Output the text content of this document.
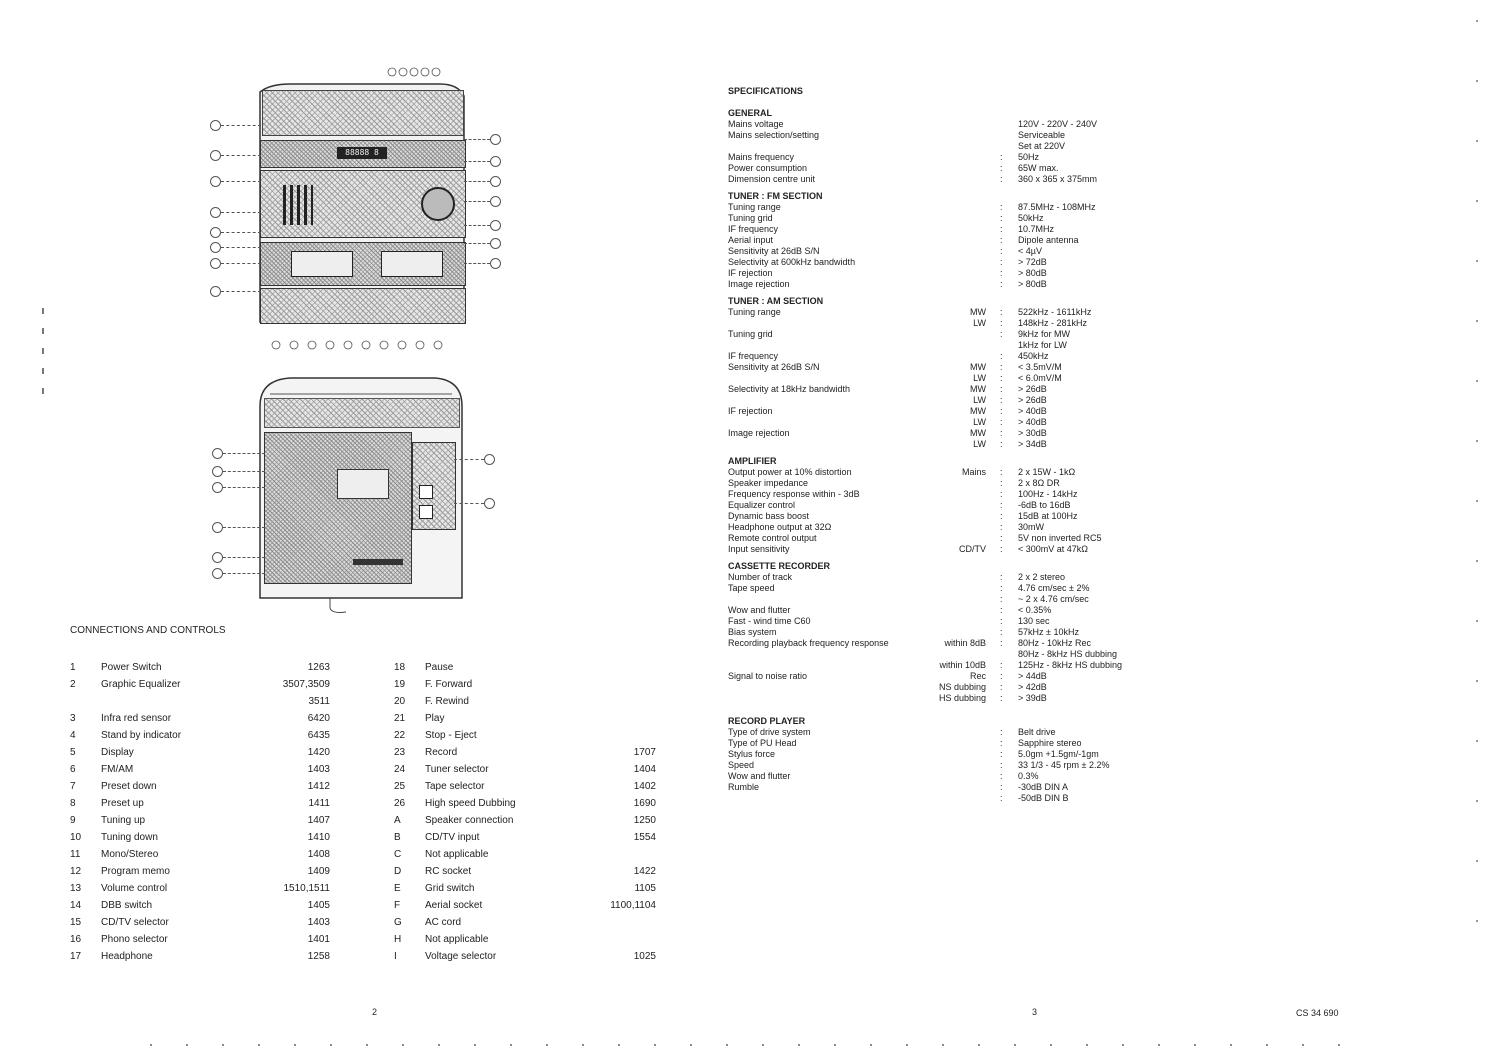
88888 8
CONNECTIONS AND CONTROLS
1	Power Switch	1263
2	Graphic Equalizer	3507,3509
3511
3	Infra red sensor	6420
4	Stand by indicator	6435
5	Display	1420
6	FM/AM	1403
7	Preset down	1412
8	Preset up	1411
9	Tuning up	1407
10 Tuning down	1410
11 Mono/Stereo	1408
12 Program memo	1409
13 Volume control	1510,1511
14 DBB switch	1405
15 CD/TV selector	1403
16 Phono selector	1401
17 Headphone	1258
18 Pause
19 F. Forward
20 F. Rewind
21 Play
22 Stop - Eject
23 Record	1707
24 Tuner selector	1404
25 Tape selector	1402
26 High speed Dubbing	1690
A Speaker connection	1250
B CD/TV input	1554
C Not applicable
D RC socket	1422
E Grid switch	1105
F Aerial socket	1100,1104
G AC cord
H Not applicable
I	Voltage selector	1025
SPECIFICATIONS
GENERAL
Mains voltage	120V - 220V - 240V
Mains selection/setting	Serviceable
Set at 220V
Mains frequency	: 50Hz
Power consumption	: 65W max.
Dimension centre unit	: 360 x 365 x 375mm
TUNER : FM SECTION
Tuning range	: 87.5MHz - 108MHz
Tuning grid	: 50kHz
IF frequency	: 10.7MHz
Aerial input	: Dipole antenna
Sensitivity at 26dB S/N	: < 4µV
Selectivity at 600kHz bandwidth	: > 72dB
IF rejection	: > 80dB
Image rejection	: > 80dB
TUNER : AM SECTION
Tuning range	MW : 522kHz - 1611kHz
LW : 148kHz - 281kHz
Tuning grid	: 9kHz for MW
1kHz for LW
IF frequency	: 450kHz
Sensitivity at 26dB S/N	MW : < 3.5mV/M
LW : < 6.0mV/M
Selectivity at 18kHz bandwidth	MW : > 26dB
LW : > 26dB
IF rejection	MW : > 40dB
LW : > 40dB
Image rejection	MW : > 30dB
LW : > 34dB
AMPLIFIER
Output power at 10% distortion	Mains : 2 x 15W - 1kΩ
Speaker impedance	: 2 x 8Ω DR
Frequency response within - 3dB	: 100Hz - 14kHz
Equalizer control	: -6dB to 16dB
Dynamic bass boost	: 15dB at 100Hz
Headphone output at 32Ω	: 30mW
Remote control output	: 5V non inverted RC5
Input sensitivity	CD/TV : < 300mV at 47kΩ
CASSETTE RECORDER
Number of track	: 2 x 2 stereo
Tape speed	: 4.76 cm/sec ± 2%
: ~ 2 x 4.76 cm/sec
Wow and flutter	: < 0.35%
Fast - wind time C60	: 130 sec
Bias system	: 57kHz ± 10kHz
Recording playback frequency response	within 8dB : 80Hz - 10kHz Rec
80Hz - 8kHz HS dubbing
within 10dB : 125Hz - 8kHz HS dubbing
Signal to noise ratio	Rec : > 44dB
NS dubbing : > 42dB
HS dubbing : > 39dB
RECORD PLAYER
Type of drive system	: Belt drive
Type of PU Head	: Sapphire stereo
Stylus force	: 5.0gm +1.5gm/-1gm
Speed	: 33 1/3 - 45 rpm ± 2.2%
Wow and flutter	: 0.3%
Rumble	: -30dB DIN A
: -50dB DIN B
2	3	CS 34 690
